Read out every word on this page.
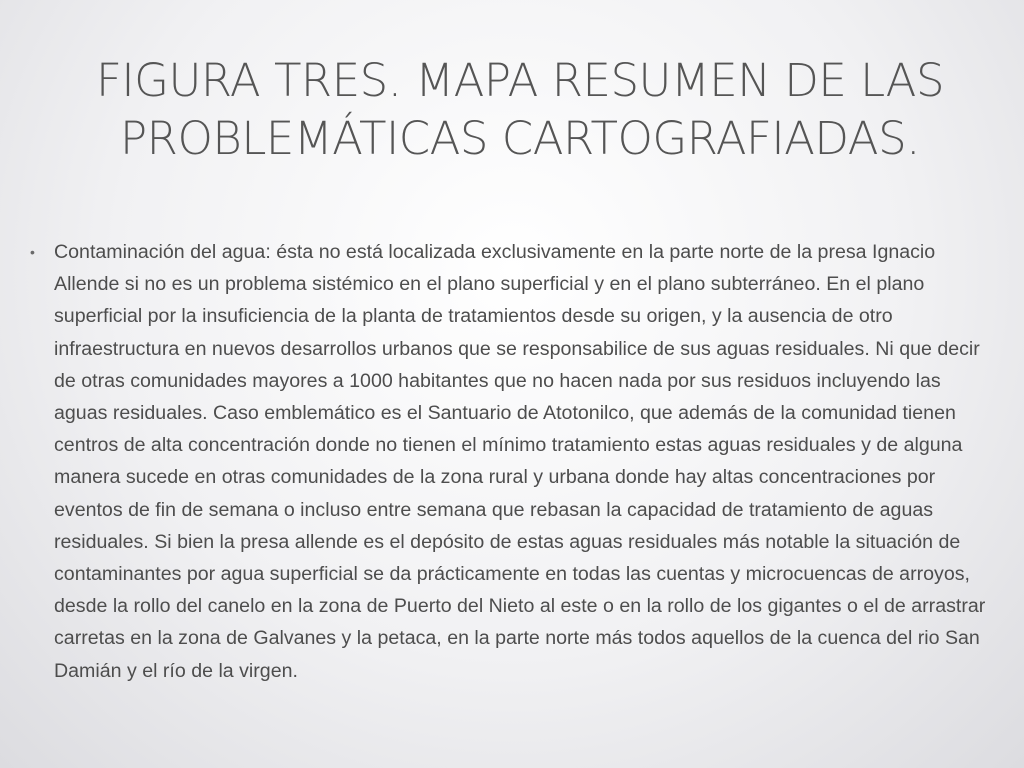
FIGURA TRES. MAPA RESUMEN DE LAS
PROBLEMÁTICAS CARTOGRAFIADAS.
• Contaminación del agua: ésta no está localizada exclusivamente en la parte norte de la presa Ignacio Allende si no es un problema sistémico en el plano superficial y en el plano subterráneo. En el plano superficial por la insuficiencia de la planta de tratamientos desde su origen, y la ausencia de otro infraestructura en nuevos desarrollos urbanos que se responsabilice de sus aguas residuales. Ni que decir de otras comunidades mayores a 1000 habitantes que no hacen nada por sus residuos incluyendo las aguas residuales. Caso emblemático es el Santuario de Atotonilco, que además de la comunidad tienen centros de alta concentración donde no tienen el mínimo tratamiento estas aguas residuales y de alguna manera sucede en otras comunidades de la zona rural y urbana donde hay altas concentraciones por eventos de fin de semana o incluso entre semana que rebasan la capacidad de tratamiento de aguas residuales. Si bien la presa allende es el depósito de estas aguas residuales más notable la situación de contaminantes por agua superficial se da prácticamente en todas las cuentas y microcuencas de arroyos, desde la rollo del canelo en la zona de Puerto del Nieto al este o en la rollo de los gigantes o el de arrastrar carretas en la zona de Galvanes y la petaca, en la parte norte más todos aquellos de la cuenca del rio San Damián y el río de la virgen.
